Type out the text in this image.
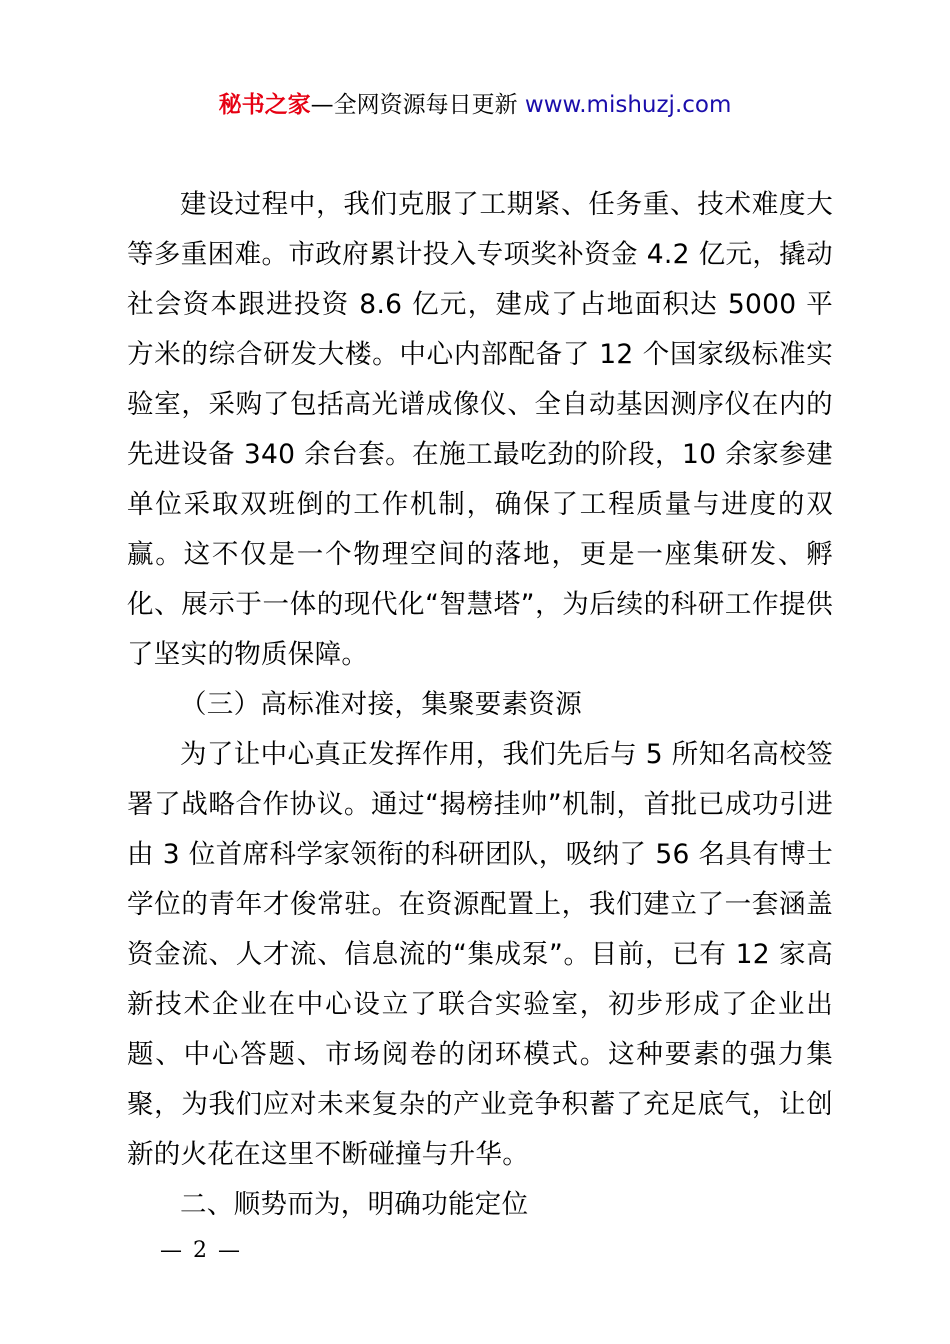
秘书之家—全网资源每日更新 www.mishuzj.com

建设过程中，我们克服了工期紧、任务重、技术难度大等多重困难。市政府累计投入专项奖补资金 4.2 亿元，撬动社会资本跟进投资 8.6 亿元，建成了占地面积达 5000 平方米的综合研发大楼。中心内部配备了 12 个国家级标准实验室，采购了包括高光谱成像仪、全自动基因测序仪在内的先进设备 340 余台套。在施工最吃劲的阶段，10 余家参建单位采取双班倒的工作机制，确保了工程质量与进度的双赢。这不仅是一个物理空间的落地，更是一座集研发、孵化、展示于一体的现代化“智慧塔”，为后续的科研工作提供了坚实的物质保障。

（三）高标准对接，集聚要素资源

为了让中心真正发挥作用，我们先后与 5 所知名高校签署了战略合作协议。通过“揭榜挂帅”机制，首批已成功引进由 3 位首席科学家领衔的科研团队，吸纳了 56 名具有博士学位的青年才俊常驻。在资源配置上，我们建立了一套涵盖资金流、人才流、信息流的“集成泵”。目前，已有 12 家高新技术企业在中心设立了联合实验室，初步形成了企业出题、中心答题、市场阅卷的闭环模式。这种要素的强力集聚，为我们应对未来复杂的产业竞争积蓄了充足底气，让创新的火花在这里不断碰撞与升华。

二、顺势而为，明确功能定位

— 2 —
